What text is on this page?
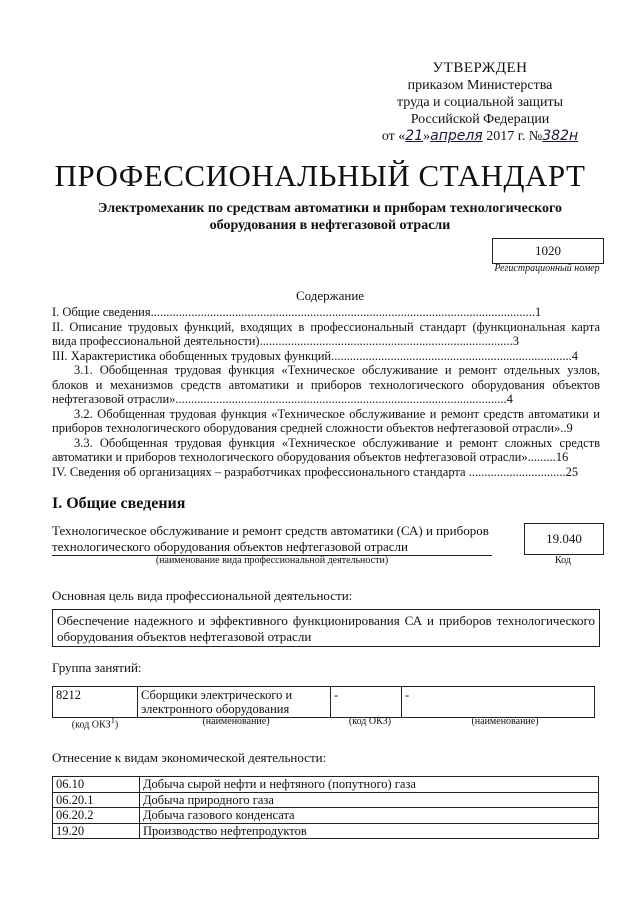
УТВЕРЖДЕН
приказом Министерства
труда и социальной защиты
Российской Федерации
от «21»апреля 2017 г. №382н
ПРОФЕССИОНАЛЬНЫЙ СТАНДАРТ
Электромеханик по средствам автоматики и приборам технологического оборудования в нефтегазовой отрасли
1020
Регистрационный номер
Содержание

I. Общие сведения...........................................................................................................................1

II. Описание трудовых функций, входящих в профессиональный стандарт (функциональная карта вида профессиональной деятельности).................................................................................3

III. Характеристика обобщенных трудовых функций.............................................................................4

3.1. Обобщенная трудовая функция «Техническое обслуживание и ремонт отдельных узлов, блоков и механизмов средств автоматики и приборов технологического оборудования объектов нефтегазовой отрасли»..........................................................................................................4

3.2. Обобщенная трудовая функция «Техническое обслуживание и ремонт средств автоматики и приборов технологического оборудования средней сложности объектов нефтегазовой отрасли»..9

3.3. Обобщенная трудовая функция «Техническое обслуживание и ремонт сложных средств автоматики и приборов технологического оборудования объектов нефтегазовой отрасли».........16

IV. Сведения об организациях – разработчиках профессионального стандарта ...............................25

I. Общие сведения
Технологическое обслуживание и ремонт средств автоматики (СА) и приборов технологического оборудования объектов нефтегазовой отрасли
(наименование вида профессиональной деятельности)
19.040
Код
Основная цель вида профессиональной деятельности:
Обеспечение надежного и эффективного функционирования СА и приборов технологического оборудования объектов нефтегазовой отрасли
Группа занятий:
8212	Сборщики электрического и электронного оборудования	-	-
(код ОКЗ$^1$)	(наименование)	(код ОКЗ)	(наименование)
Отнесение к видам экономической деятельности:
06.10	Добыча сырой нефти и нефтяного (попутного) газа
06.20.1	Добыча природного газа
06.20.2	Добыча газового конденсата
19.20	Производство нефтепродуктов
